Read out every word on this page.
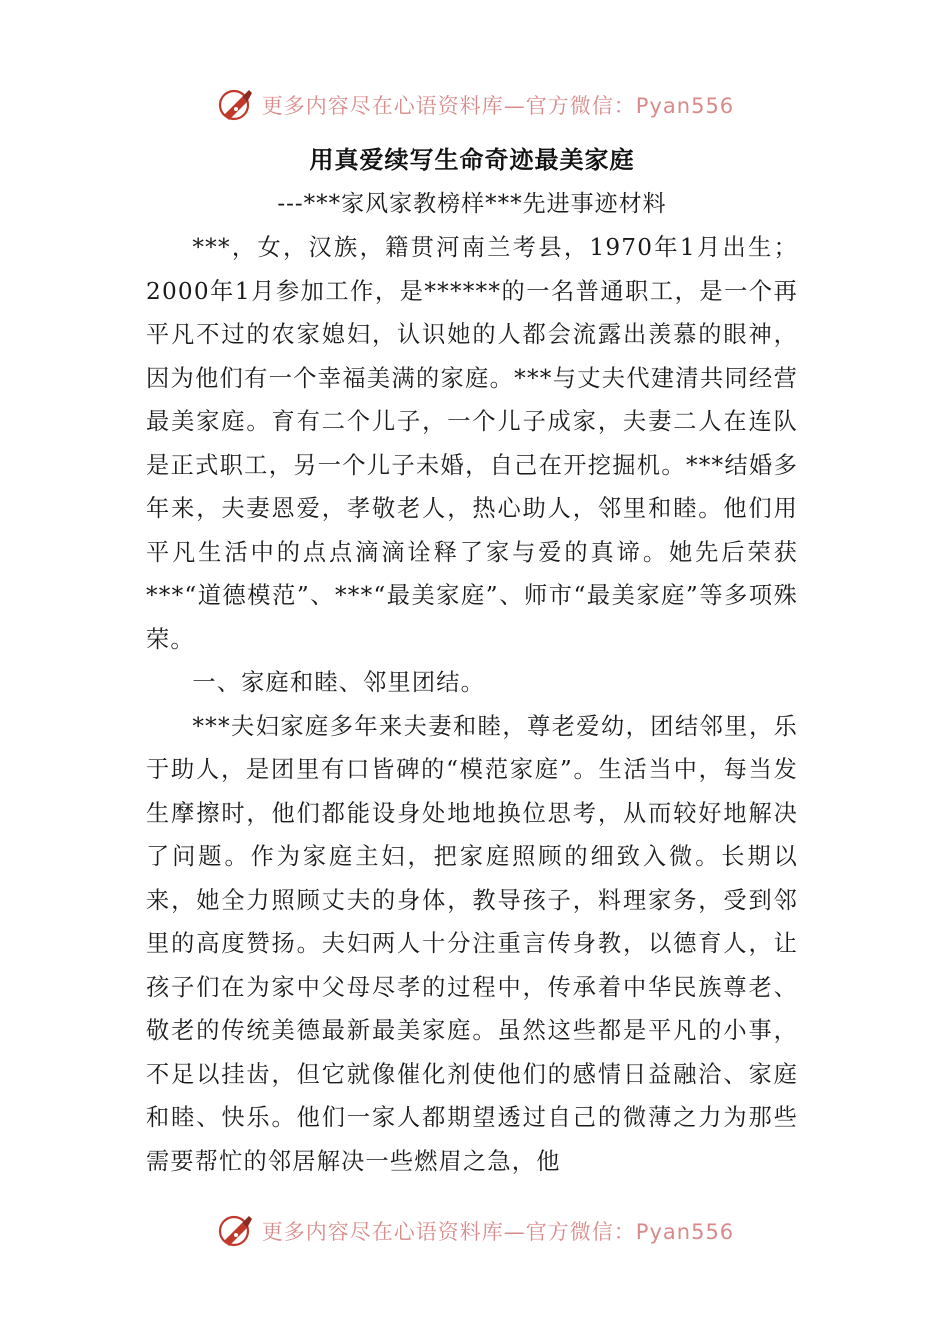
更多内容尽在心语资料库—官方微信：Pyan556

用真爱续写生命奇迹最美家庭

---***家风家教榜样***先进事迹材料

***，女，汉族，籍贯河南兰考县，1970年1月出生；2000年1月参加工作，是******的一名普通职工，是一个再平凡不过的农家媳妇，认识她的人都会流露出羡慕的眼神，因为他们有一个幸福美满的家庭。***与丈夫代建清共同经营最美家庭。育有二个儿子，一个儿子成家，夫妻二人在连队是正式职工，另一个儿子未婚，自己在开挖掘机。***结婚多年来，夫妻恩爱，孝敬老人，热心助人，邻里和睦。他们用平凡生活中的点点滴滴诠释了家与爱的真谛。她先后荣获***“道德模范”、***“最美家庭”、师市“最美家庭”等多项殊荣。

一、家庭和睦、邻里团结。

***夫妇家庭多年来夫妻和睦，尊老爱幼，团结邻里，乐于助人，是团里有口皆碑的“模范家庭”。生活当中，每当发生摩擦时，他们都能设身处地地换位思考，从而较好地解决了问题。作为家庭主妇，把家庭照顾的细致入微。长期以来，她全力照顾丈夫的身体，教导孩子，料理家务，受到邻里的高度赞扬。夫妇两人十分注重言传身教，以德育人，让孩子们在为家中父母尽孝的过程中，传承着中华民族尊老、敬老的传统美德最新最美家庭。虽然这些都是平凡的小事，不足以挂齿，但它就像催化剂使他们的感情日益融洽、家庭和睦、快乐。他们一家人都期望透过自己的微薄之力为那些需要帮忙的邻居解决一些燃眉之急，他

更多内容尽在心语资料库—官方微信：Pyan556
